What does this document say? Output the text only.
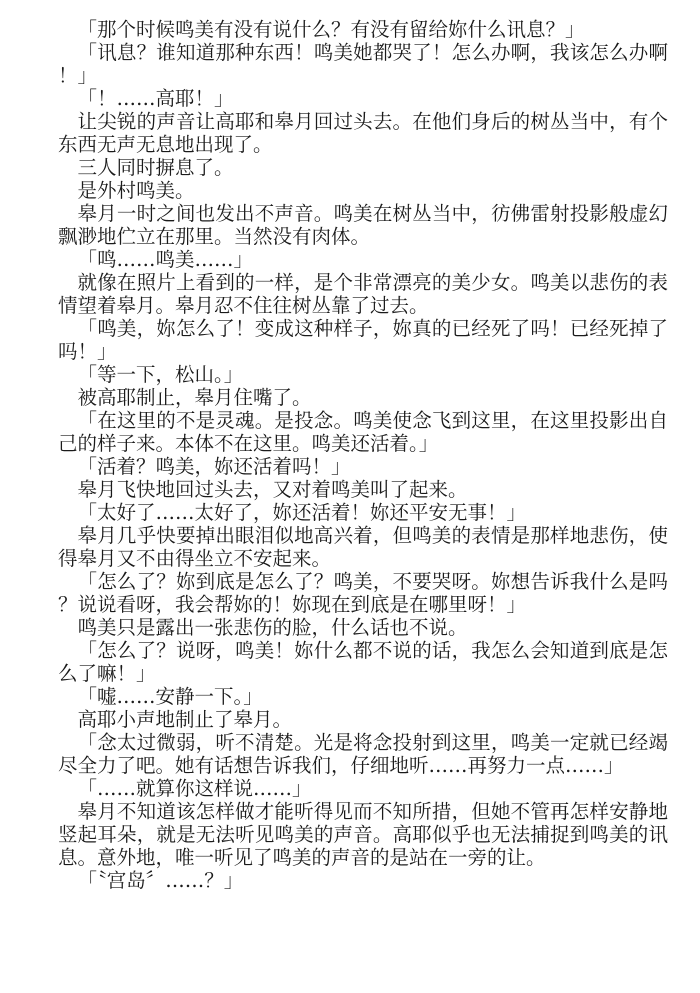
「那个时候鸣美有没有说什么？有没有留给妳什么讯息？」

「讯息？谁知道那种东西！鸣美她都哭了！怎么办啊，我该怎么办啊！」

「！……高耶！」

让尖锐的声音让高耶和皋月回过头去。在他们身后的树丛当中，有个东西无声无息地出现了。

三人同时摒息了。

是外村鸣美。

皋月一时之间也发出不声音。鸣美在树丛当中，彷佛雷射投影般虚幻飘渺地伫立在那里。当然没有肉体。

「鸣……鸣美……」

就像在照片上看到的一样，是个非常漂亮的美少女。鸣美以悲伤的表情望着皋月。皋月忍不住往树丛靠了过去。

「鸣美，妳怎么了！变成这种样子，妳真的已经死了吗！已经死掉了吗！」

「等一下，松山。」

被高耶制止，皋月住嘴了。

「在这里的不是灵魂。是投念。鸣美使念飞到这里，在这里投影出自己的样子来。本体不在这里。鸣美还活着。」

「活着？鸣美，妳还活着吗！」

皋月飞快地回过头去，又对着鸣美叫了起来。

「太好了……太好了，妳还活着！妳还平安无事！」

皋月几乎快要掉出眼泪似地高兴着，但鸣美的表情是那样地悲伤，使得皋月又不由得坐立不安起来。

「怎么了？妳到底是怎么了？鸣美，不要哭呀。妳想告诉我什么是吗？说说看呀，我会帮妳的！妳现在到底是在哪里呀！」

鸣美只是露出一张悲伤的脸，什么话也不说。

「怎么了？说呀，鸣美！妳什么都不说的话，我怎么会知道到底是怎么了嘛！」

「嘘……安静一下。」

高耶小声地制止了皋月。

「念太过微弱，听不清楚。光是将念投射到这里，鸣美一定就已经竭尽全力了吧。她有话想告诉我们，仔细地听……再努力一点……」

「……就算你这样说……」

皋月不知道该怎样做才能听得见而不知所措，但她不管再怎样安静地竖起耳朵，就是无法听见鸣美的声音。高耶似乎也无法捕捉到鸣美的讯息。意外地，唯一听见了鸣美的声音的是站在一旁的让。

「〝宫岛〞……？」
